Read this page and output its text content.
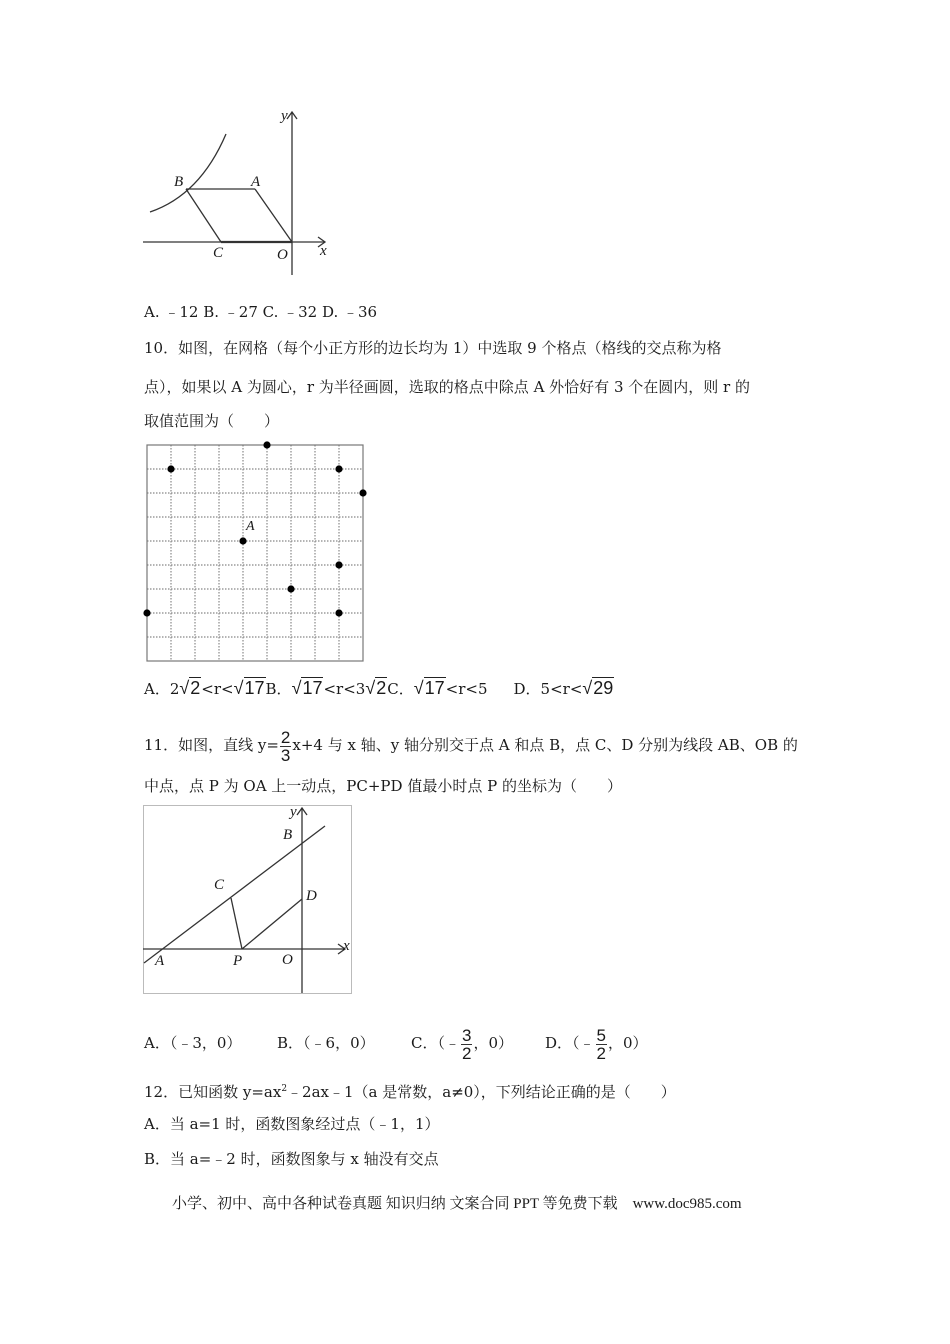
y
B	A
C	O x
A. ﹣12 B. ﹣27 C. ﹣32 D. ﹣36
10．如图，在网格（每个小正方形的边长均为 1）中选取 9 个格点（格线的交点称为格
点），如果以 A 为圆心，r 为半径画圆，选取的格点中除点 A 外恰好有 3 个在圆内，则 r 的
取值范围为（　　）
A
A．2√2<r<√17B．√17<r<3√2C．√17<r<5 D．5<r<√29
11．如图，直线 $y= \frac{2}{3} x+4$ 与 x 轴、y 轴分别交于点 A 和点 B，点 C、D 分别为线段 AB、OB 的
中点，点 P 为 OA 上一动点，PC+PD 值最小时点 P 的坐标为（　　）
y
B
C
D
A	P	O
x
A．（﹣3，0） B．（﹣6，0） C．（﹣ $\frac{3}{2}$ ，0） D．（﹣ $\frac{5}{2}$ ，0）
12．已知函数 $y=ax^2﹣2ax﹣1(a$ 是常数，a≠0），下列结论正确的是（　　）
A．当 a=1 时，函数图象经过点（﹣1，1）
B．当 a=﹣2 时，函数图象与 x 轴没有交点
小学、初中、高中各种试卷真题 知识归纳 文案合同 PPT 等免费下载　www.doc985.com
